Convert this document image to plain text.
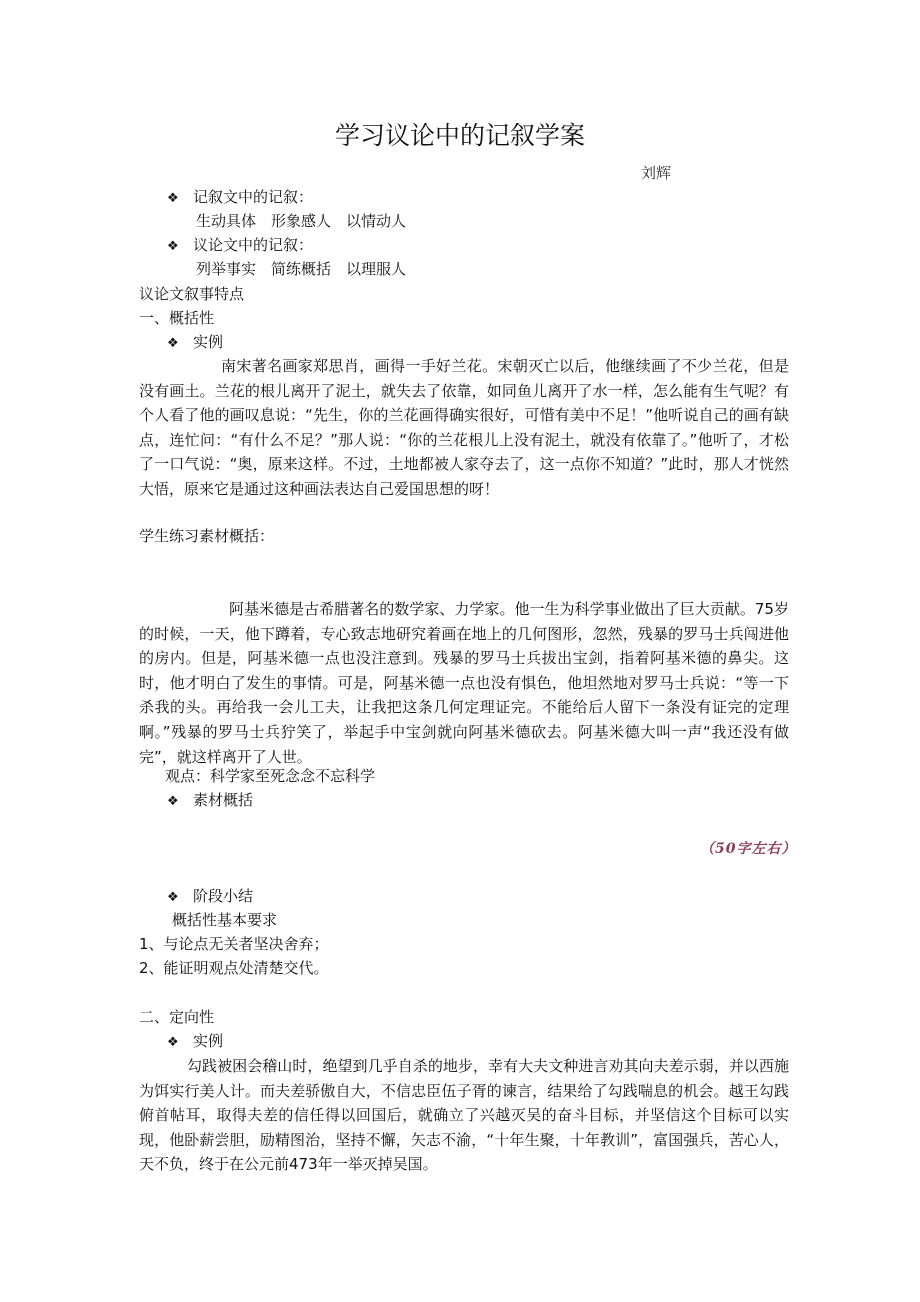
学习议论中的记叙学案
刘辉
❖ 记叙文中的记叙：
生动具体　形象感人　以情动人
❖ 议论文中的记叙：
列举事实　简练概括　以理服人
议论文叙事特点
一、概括性
❖ 实例
南宋著名画家郑思肖，画得一手好兰花。宋朝灭亡以后，他继续画了不少兰花，但是没有画土。兰花的根儿离开了泥土，就失去了依靠，如同鱼儿离开了水一样，怎么能有生气呢？有个人看了他的画叹息说：“先生，你的兰花画得确实很好，可惜有美中不足！”他听说自己的画有缺点，连忙问：“有什么不足？”那人说：“你的兰花根儿上没有泥土，就没有依靠了。”他听了，才松了一口气说：“奥，原来这样。不过，土地都被人家夺去了，这一点你不知道？”此时，那人才恍然大悟，原来它是通过这种画法表达自己爱国思想的呀！
学生练习素材概括：
阿基米德是古希腊著名的数学家、力学家。他一生为科学事业做出了巨大贡献。75岁的时候，一天，他下蹲着，专心致志地研究着画在地上的几何图形，忽然，残暴的罗马士兵闯进他的房内。但是，阿基米德一点也没注意到。残暴的罗马士兵拔出宝剑，指着阿基米德的鼻尖。这时，他才明白了发生的事情。可是，阿基米德一点也没有惧色，他坦然地对罗马士兵说：“等一下杀我的头。再给我一会儿工夫，让我把这条几何定理证完。不能给后人留下一条没有证完的定理啊。”残暴的罗马士兵狞笑了，举起手中宝剑就向阿基米德砍去。阿基米德大叫一声“我还没有做完”，就这样离开了人世。
观点：科学家至死念念不忘科学
❖ 素材概括
（50字左右）
❖ 阶段小结
概括性基本要求
1、与论点无关者坚决舍弃；
2、能证明观点处清楚交代。
二、定向性
❖ 实例
勾践被困会稽山时，绝望到几乎自杀的地步，幸有大夫文种进言劝其向夫差示弱，并以西施为饵实行美人计。而夫差骄傲自大，不信忠臣伍子胥的谏言，结果给了勾践喘息的机会。越王勾践俯首帖耳，取得夫差的信任得以回国后，就确立了兴越灭吴的奋斗目标，并坚信这个目标可以实现，他卧薪尝胆，励精图治，坚持不懈，矢志不渝，“十年生聚，十年教训”，富国强兵，苦心人，天不负，终于在公元前473年一举灭掉吴国。
